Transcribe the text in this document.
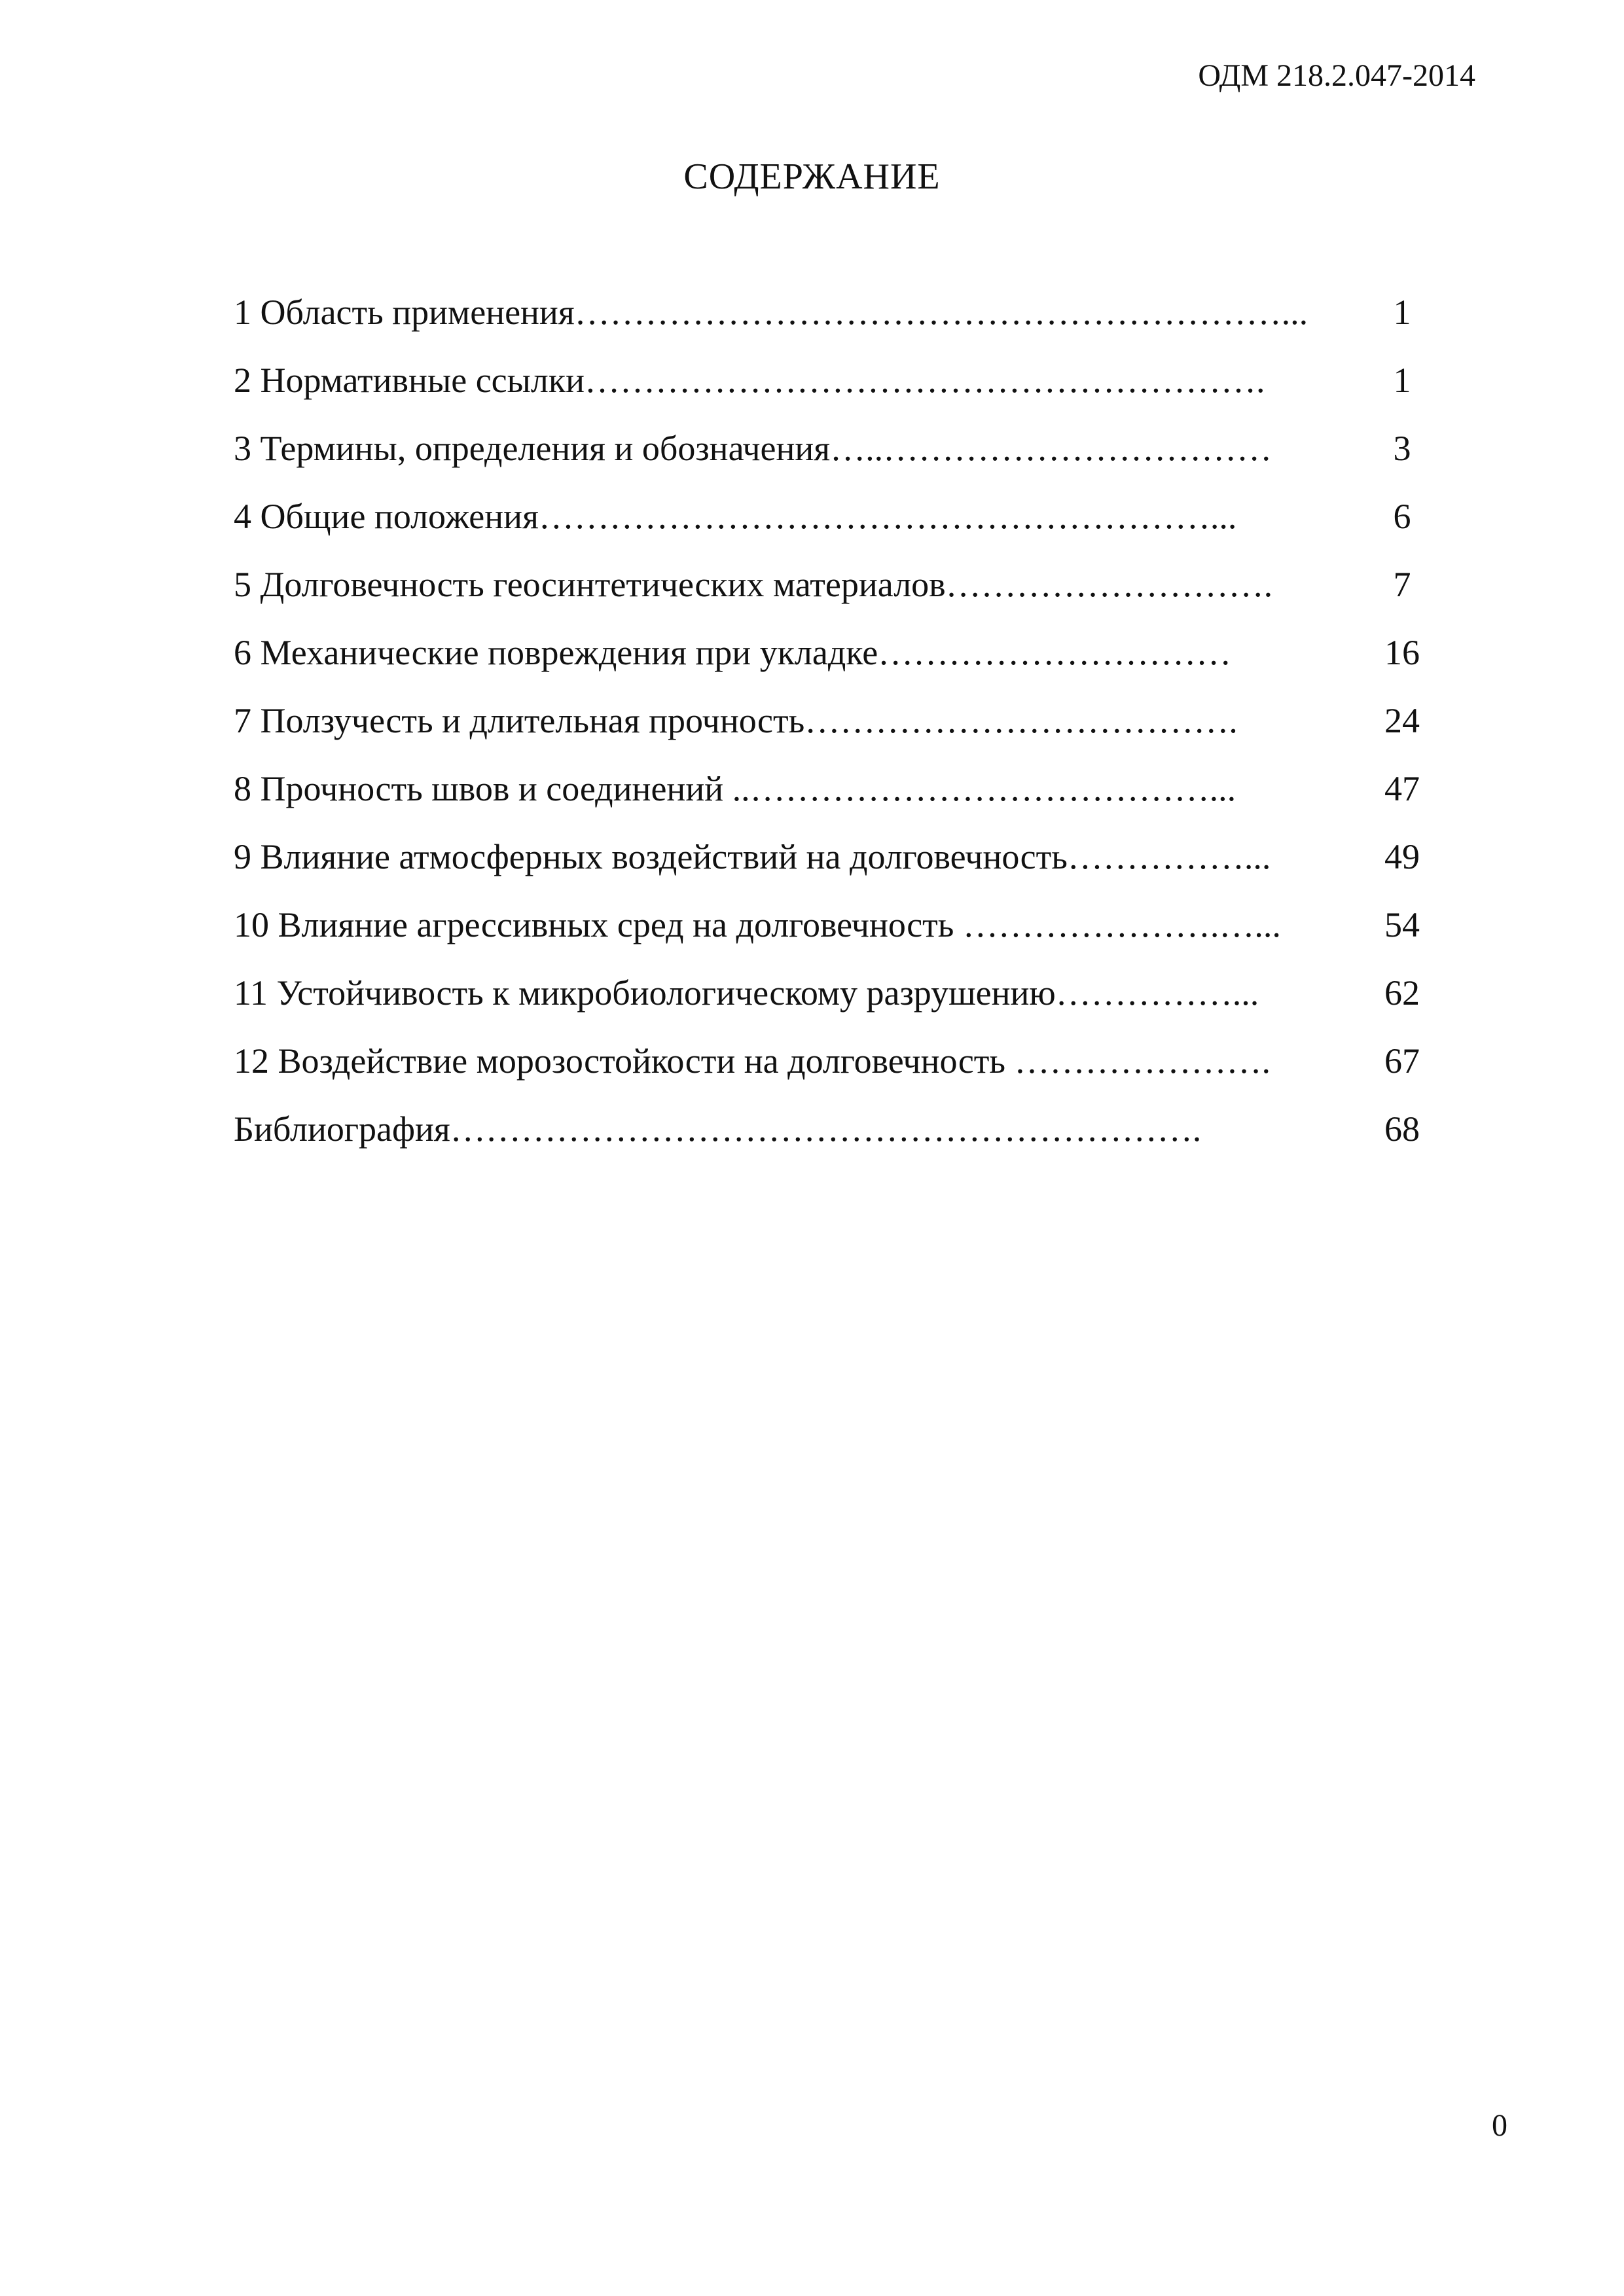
ОДМ 218.2.047-2014
СОДЕРЖАНИЕ
1 Область применения……………………………………………………...	1
2 Нормативные ссылки………………………………………………….	1
3 Термины, определения и обозначения…..……………………………	3
4 Общие положения…………………………………………………...	6
5 Долговечность геосинтетических материалов……………………….	7
6 Механические повреждения при укладке…………………………	16
7 Ползучесть и длительная прочность……………………………….	24
8 Прочность швов и соединений ..…………………………………...	47
9 Влияние атмосферных воздействий на долговечность……………...	49
10 Влияние агрессивных сред на долговечность ………………….…...	54
11 Устойчивость к микробиологическому разрушению……………...	62
12 Воздействие морозостойкости на долговечность ………………….	67
Библиография……………………………………………………….	68
0
